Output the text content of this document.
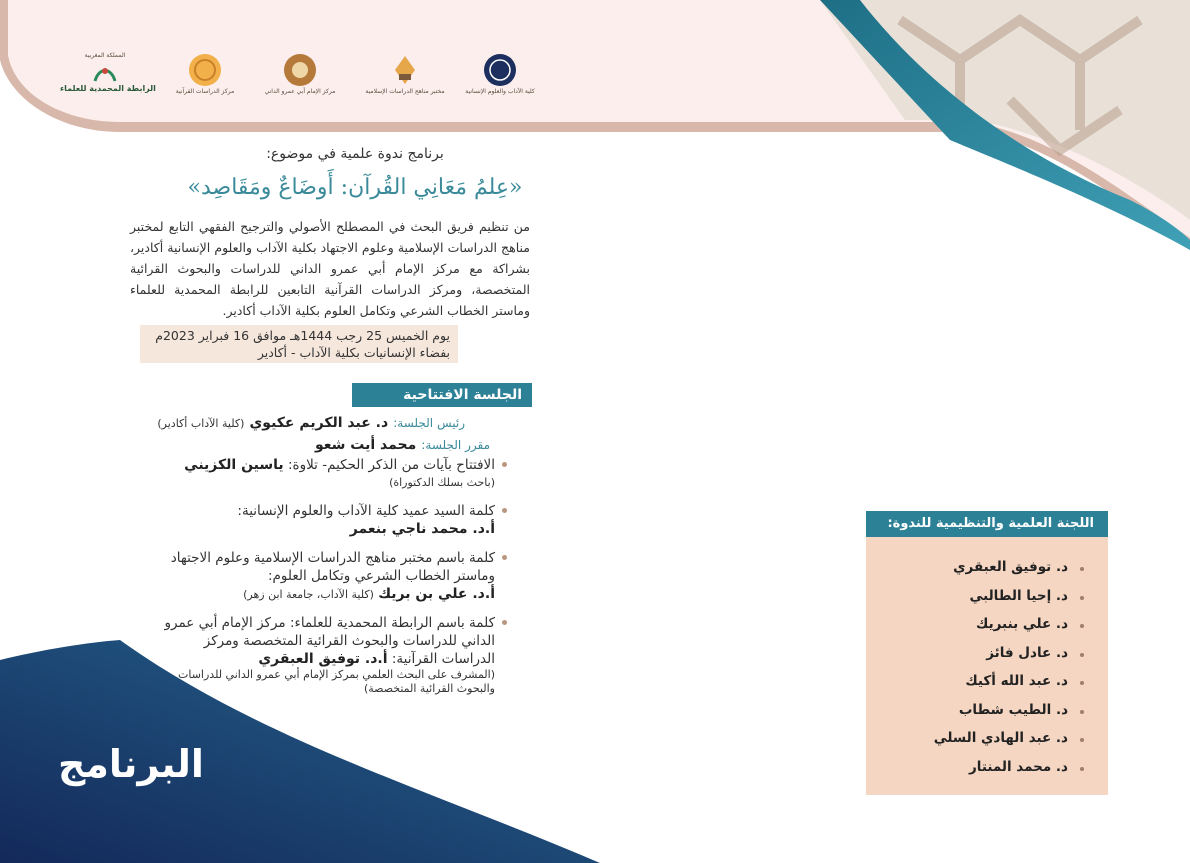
كلية الآداب والعلوم الإنسانية
مختبر مناهج الدراسات الإسلامية
مركز الإمام أبي عمرو الداني
مركز الدراسات القرآنية
المملكة المغربية
الرابطة المحمدية للعلماء
برنامج ندوة علمية في موضوع:
«عِلمُ مَعَانِي القُرآن: أَوضَاعٌ ومَقَاصِد»
من تنظيم فريق البحث في المصطلح الأصولي والترجيح الفقهي التابع لمختبر مناهج الدراسات الإسلامية وعلوم الاجتهاد بكلية الآداب والعلوم الإنسانية أكادير، بشراكة مع مركز الإمام أبي عمرو الداني للدراسات والبحوث القرائية المتخصصة، ومركز الدراسات القرآنية التابعين للرابطة المحمدية للعلماء وماستر الخطاب الشرعي وتكامل العلوم بكلية الآداب أكادير.
يوم الخميس 25 رجب 1444هـ موافق 16 فبراير 2023م
بفضاء الإنسانيات بكلية الآداب - أكادير
الجلسة الافتتاحية 9:00
رئيس الجلسة: د. عبد الكريم عكيوي (كلية الآداب أكادير)
مقرر الجلسة: محمد أيت شعو
الافتتاح بآيات من الذكر الحكيم- تلاوة: ياسين الكزيني
(باحث بسلك الدكتوراة)
كلمة السيد عميد كلية الآداب والعلوم الإنسانية:
أ.د. محمد ناجي بنعمر
كلمة باسم مختبر مناهج الدراسات الإسلامية وعلوم الاجتهاد وماستر الخطاب الشرعي وتكامل العلوم:
أ.د. علي بن بريك (كلية الآداب، جامعة ابن زهر)
كلمة باسم الرابطة المحمدية للعلماء: مركز الإمام أبي عمرو الداني للدراسات والبحوث القرائية المتخصصة ومركز الدراسات القرآنية: أ.د. توفيق العبقري
(المشرف على البحث العلمي بمركز الإمام أبي عمرو الداني للدراسات والبحوث القرائية المتخصصة)
اللجنة العلمية والتنظيمية للندوة:
د. توفيق العبقري
د. إحيا الطالبي
د. علي بنبريك
د. عادل فائز
د. عبد الله أكيك
د. الطيب شطاب
د. عبد الهادي السلي
د. محمد المنتار
البرنامج
